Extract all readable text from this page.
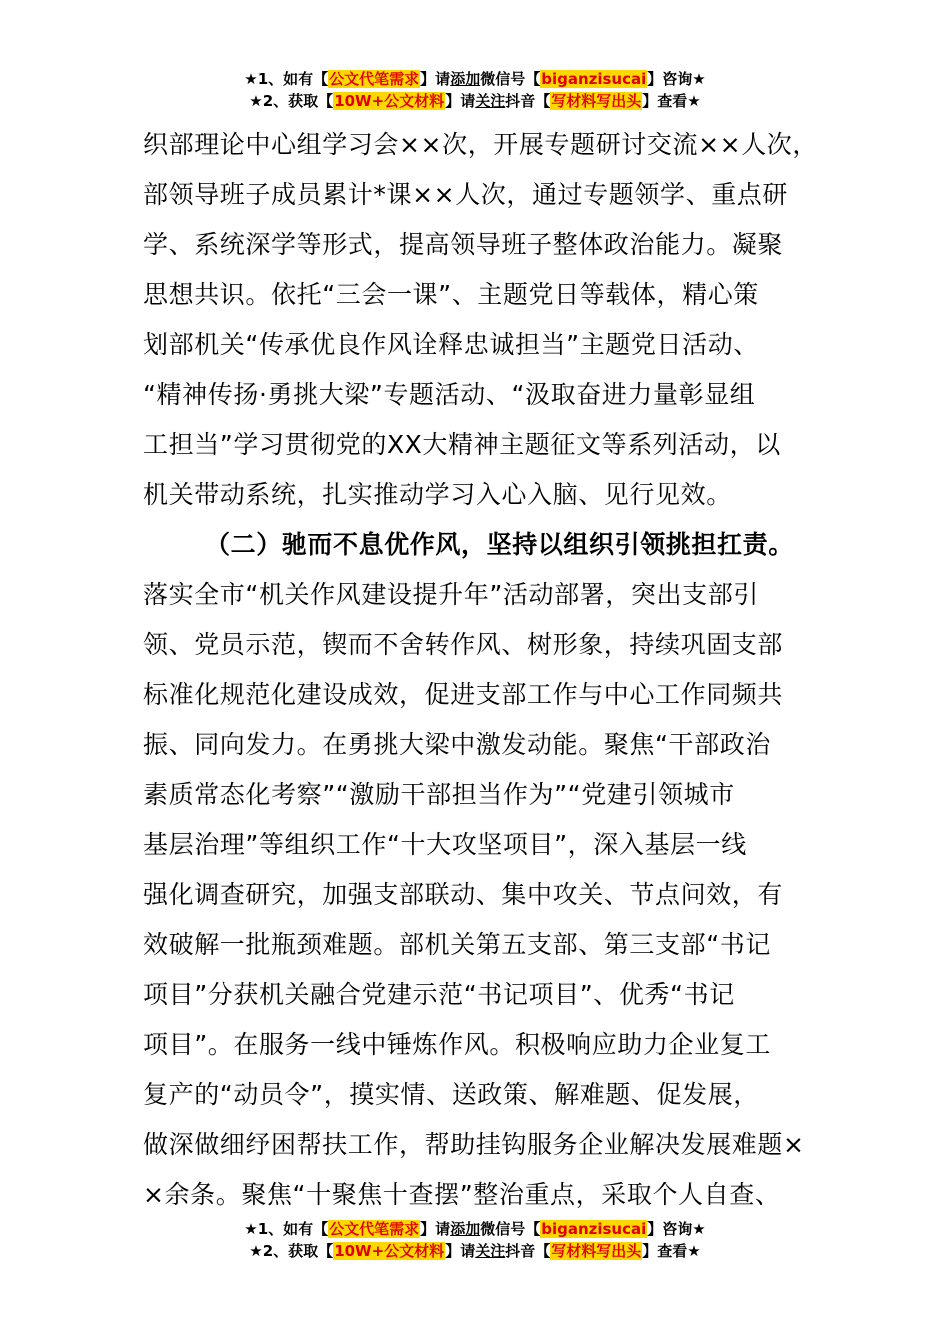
★1、如有【公文代笔需求】请添加微信号【biganzisucai】咨询★
★2、获取【10W+公文材料】请关注抖音【写材料写出头】查看★
织部理论中心组学习会××次，开展专题研讨交流××人次，
部领导班子成员累计*课××人次，通过专题领学、重点研
学、系统深学等形式，提高领导班子整体政治能力。凝聚
思想共识。依托“三会一课”、主题党日等载体，精心策
划部机关“传承优良作风诠释忠诚担当”主题党日活动、
“精神传扬·勇挑大梁”专题活动、“汲取奋进力量彰显组
工担当”学习贯彻党的XX大精神主题征文等系列活动，以
机关带动系统，扎实推动学习入心入脑、见行见效。
（二）驰而不息优作风，坚持以组织引领挑担扛责。
落实全市“机关作风建设提升年”活动部署，突出支部引
领、党员示范，锲而不舍转作风、树形象，持续巩固支部
标准化规范化建设成效，促进支部工作与中心工作同频共
振、同向发力。在勇挑大梁中激发动能。聚焦“干部政治
素质常态化考察”“激励干部担当作为”“党建引领城市
基层治理”等组织工作“十大攻坚项目”，深入基层一线
强化调查研究，加强支部联动、集中攻关、节点问效，有
效破解一批瓶颈难题。部机关第五支部、第三支部“书记
项目”分获机关融合党建示范“书记项目”、优秀“书记
项目”。在服务一线中锤炼作风。积极响应助力企业复工
复产的“动员令”，摸实情、送政策、解难题、促发展，
做深做细纾困帮扶工作，帮助挂钩服务企业解决发展难题×
×余条。聚焦“十聚焦十查摆”整治重点，采取个人自查、
★1、如有【公文代笔需求】请添加微信号【biganzisucai】咨询★
★2、获取【10W+公文材料】请关注抖音【写材料写出头】查看★
